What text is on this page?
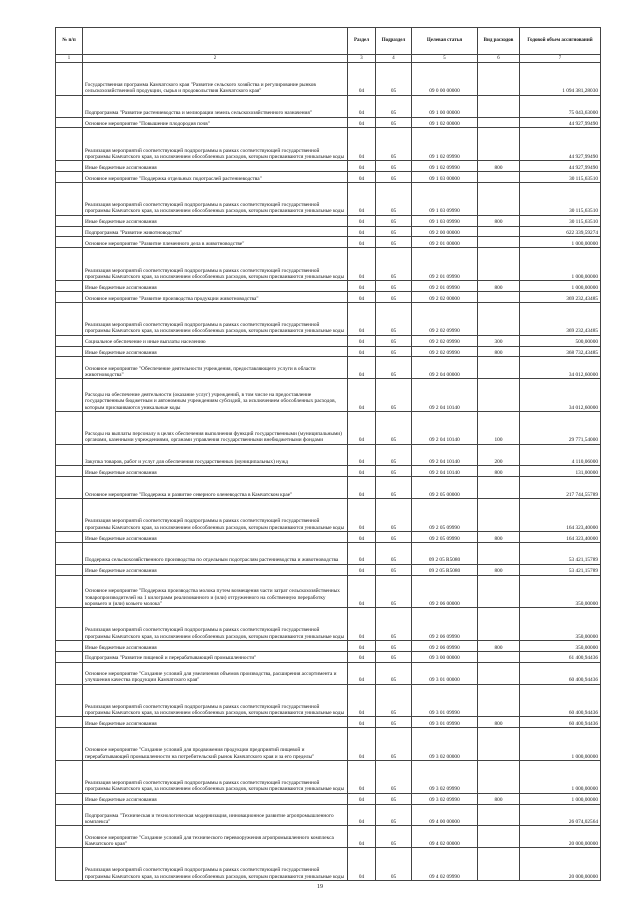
№ п/п		Раздел	Подраздел	Целевая статья	Вид расходов	Годовой объем ассигнований
1	2	3	4	5	6	7
	Государственная программа Камчатского края "Развитие сельского хозяйства и регулирование рынков сельскохозяйственной продукции, сырья и продовольствия Камчатского края"	04	05	09 0 00 00000		1 094 381,28030
	Подпрограмма "Развитие растениеводства и мелиорации земель сельскохозяйственного назначения"	04	05	09 1 00 00000		75 043,63000
	Основное мероприятие "Повышение плодородия почв"	04	05	09 1 02 00000		44 927,99490
	Реализация мероприятий соответствующей подпрограммы в рамках соответствующей государственной программы Камчатского края, за исключением обособленных расходов, которым присваиваются уникальные коды	04	05	09 1 02 09990		44 927,99490
	Иные бюджетные ассигнования	04	05	09 1 02 09990	800	44 927,99490
	Основное мероприятие "Поддержка отдельных подотраслей растениеводства"	04	05	09 1 03 00000		30 115,63510
	Реализация мероприятий соответствующей подпрограммы в рамках соответствующей государственной программы Камчатского края, за исключением обособленных расходов, которым присваиваются уникальные коды	04	05	09 1 03 09990		30 115,63510
	Иные бюджетные ассигнования	04	05	09 1 03 09990	800	30 115,63510
	Подпрограмма "Развитие животноводства"	04	05	09 2 00 00000		622 339,59274
	Основное мероприятие "Развитие племенного дела в животноводстве"	04	05	09 2 01 00000		1 000,00000
	Реализация мероприятий соответствующей подпрограммы в рамках соответствующей государственной программы Камчатского края, за исключением обособленных расходов, которым присваиваются уникальные коды	04	05	09 2 01 09990		1 000,00000
	Иные бюджетные ассигнования	04	05	09 2 01 09990	800	1 000,00000
	Основное мероприятие "Развитие производства продукции животноводства"	04	05	09 2 02 00000		369 232,43485
	Реализация мероприятий соответствующей подпрограммы в рамках соответствующей государственной программы Камчатского края, за исключением обособленных расходов, которым присваиваются уникальные коды	04	05	09 2 02 09990		369 232,43485
	Социальное обеспечение и иные выплаты населению	04	05	09 2 02 09990	300	500,00000
	Иные бюджетные ассигнования	04	05	09 2 02 09990	800	368 732,43485
	Основное мероприятие "Обеспечение деятельности учреждения, предоставляющего услуги в области животноводства"	04	05	09 2 04 00000		34 012,60000
	Расходы на обеспечение деятельности (оказание услуг) учреждений, в том числе на предоставление государственным бюджетным и автономным учреждениям субсидий, за исключением обособленных расходов, которым присваиваются уникальные коды	04	05	09 2 04 10140		34 012,60000
	Расходы на выплаты персоналу в целях обеспечения выполнения функций государственными (муниципальными) органами, казенными учреждениями, органами управления государственными внебюджетными фондами	04	05	09 2 04 10140	100	29 771,54000
	Закупка товаров, работ и услуг для обеспечения государственных (муниципальных) нужд	04	05	09 2 04 10140	200	4 110,06000
	Иные бюджетные ассигнования	04	05	09 2 04 10140	800	131,00000
	Основное мероприятие "Поддержка и развитие северного оленеводства в Камчатском крае"	04	05	09 2 05 00000		217 744,55789
	Реализация мероприятий соответствующей подпрограммы в рамках соответствующей государственной программы Камчатского края, за исключением обособленных расходов, которым присваиваются уникальные коды	04	05	09 2 05 09990		164 323,40000
	Иные бюджетные ассигнования	04	05	09 2 05 09990	800	164 323,40000
	Поддержка сельскохозяйственного производства по отдельным подотраслям растениеводства и животноводства	04	05	09 2 05 R5080		53 421,15789
	Иные бюджетные ассигнования	04	05	09 2 05 R5080	800	53 421,15789
	Основное мероприятие "Поддержка производства молока путем возмещения части затрат сельскохозяйственных товаропроизводителей на 1 килограмм реализованного и (или) отгруженного на собственную переработку коровьего и (или) козьего молока"	04	05	09 2 06 00000		350,00000
	Реализация мероприятий соответствующей подпрограммы в рамках соответствующей государственной программы Камчатского края, за исключением обособленных расходов, которым присваиваются уникальные коды	04	05	09 2 06 09990		350,00000
	Иные бюджетные ассигнования	04	05	09 2 06 09990	800	350,00000
	Подпрограмма "Развитие пищевой и перерабатывающей промышленности"	04	05	09 3 00 00000		61 400,94436
	Основное мероприятие "Создание условий для увеличения объемов производства, расширения ассортимента и улучшения качества продукции Камчатского края"	04	05	09 3 01 00000		60 400,94436
	Реализация мероприятий соответствующей подпрограммы в рамках соответствующей государственной программы Камчатского края, за исключением обособленных расходов, которым присваиваются уникальные коды	04	05	09 3 01 09990		60 400,94436
	Иные бюджетные ассигнования	04	05	09 3 01 09990	800	60 400,94436
	Основное мероприятие "Создание условий для продвижения продукции предприятий пищевой и перерабатывающей промышленности на потребительский рынок Камчатского края и за его пределы"	04	05	09 3 02 00000		1 000,00000
	Реализация мероприятий соответствующей подпрограммы в рамках соответствующей государственной программы Камчатского края, за исключением обособленных расходов, которым присваиваются уникальные коды	04	05	09 3 02 09990		1 000,00000
	Иные бюджетные ассигнования	04	05	09 3 02 09990	800	1 000,00000
	Подпрограмма "Техническая и технологическая модернизация, инновационное развитие агропромышленного комплекса"	04	05	09 4 00 00000		26 074,02564
	Основное мероприятие "Создание условий для технического перевооружения агропромышленного комплекса Камчатского края"	04	05	09 4 02 00000		20 000,00000
	Реализация мероприятий соответствующей подпрограммы в рамках соответствующей государственной программы Камчатского края, за исключением обособленных расходов, которым присваиваются уникальные коды	04	05	09 4 02 09990		20 000,00000
19
